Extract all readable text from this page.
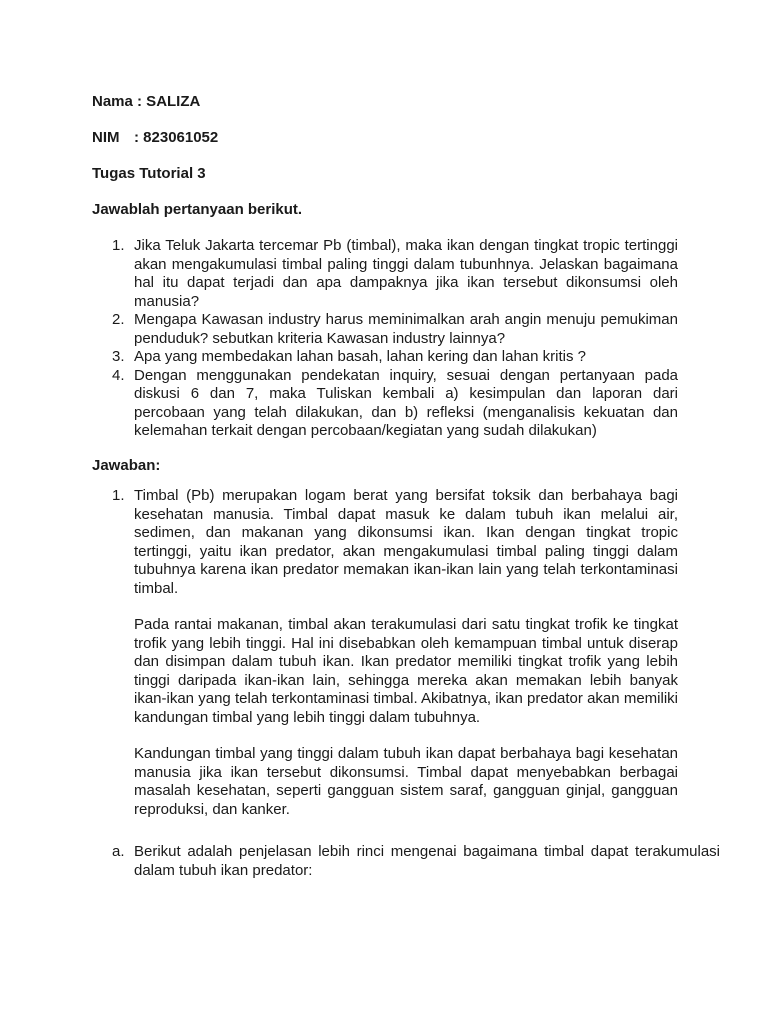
Nama : SALIZA
NIM : 823061052
Tugas Tutorial 3
Jawablah pertanyaan berikut.
1. Jika Teluk Jakarta tercemar Pb (timbal), maka ikan dengan tingkat tropic tertinggi akan mengakumulasi timbal paling tinggi dalam tubunhnya. Jelaskan bagaimana hal itu dapat terjadi dan apa dampaknya jika ikan tersebut dikonsumsi oleh manusia?
2. Mengapa Kawasan industry harus meminimalkan arah angin menuju pemukiman penduduk? sebutkan kriteria Kawasan industry lainnya?
3. Apa yang membedakan lahan basah, lahan kering dan lahan kritis ?
4. Dengan menggunakan pendekatan inquiry, sesuai dengan pertanyaan pada diskusi 6 dan 7, maka Tuliskan kembali a) kesimpulan dan laporan dari percobaan yang telah dilakukan, dan b) refleksi (menganalisis kekuatan dan kelemahan terkait dengan percobaan/kegiatan yang sudah dilakukan)
Jawaban:
1. Timbal (Pb) merupakan logam berat yang bersifat toksik dan berbahaya bagi kesehatan manusia. Timbal dapat masuk ke dalam tubuh ikan melalui air, sedimen, dan makanan yang dikonsumsi ikan. Ikan dengan tingkat tropic tertinggi, yaitu ikan predator, akan mengakumulasi timbal paling tinggi dalam tubuhnya karena ikan predator memakan ikan-ikan lain yang telah terkontaminasi timbal.

Pada rantai makanan, timbal akan terakumulasi dari satu tingkat trofik ke tingkat trofik yang lebih tinggi. Hal ini disebabkan oleh kemampuan timbal untuk diserap dan disimpan dalam tubuh ikan. Ikan predator memiliki tingkat trofik yang lebih tinggi daripada ikan-ikan lain, sehingga mereka akan memakan lebih banyak ikan-ikan yang telah terkontaminasi timbal. Akibatnya, ikan predator akan memiliki kandungan timbal yang lebih tinggi dalam tubuhnya.

Kandungan timbal yang tinggi dalam tubuh ikan dapat berbahaya bagi kesehatan manusia jika ikan tersebut dikonsumsi. Timbal dapat menyebabkan berbagai masalah kesehatan, seperti gangguan sistem saraf, gangguan ginjal, gangguan reproduksi, dan kanker.

a. Berikut adalah penjelasan lebih rinci mengenai bagaimana timbal dapat terakumulasi dalam tubuh ikan predator:
